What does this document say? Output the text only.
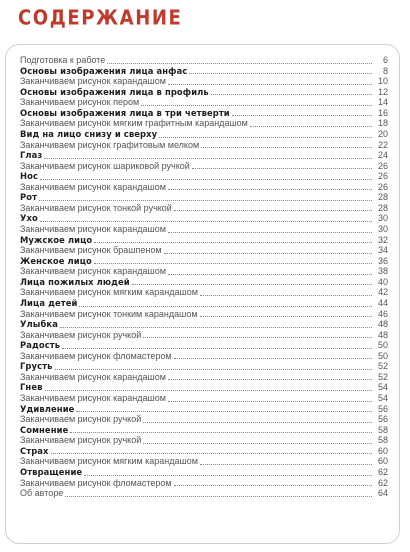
СОДЕРЖАНИЕ
Подготовка к работе	6
Основы изображения лица анфас	8
Заканчиваем рисунок карандашом	10
Основы изображения лица в профиль	12
Заканчиваем рисунок пером	14
Основы изображения лица в три четверти	16
Заканчиваем рисунок мягким графитным карандашом	18
Вид на лицо снизу и сверху	20
Заканчиваем рисунок графитовым мелком	22
Глаз	24
Заканчиваем рисунок шариковой ручкой	26
Нос	26
Заканчиваем рисунок карандашом	26
Рот	28
Заканчиваем рисунок тонкой ручкой	28
Ухо	30
Заканчиваем рисунок карандашом	30
Мужское лицо	32
Заканчиваем рисунок брашпеном	34
Женское лицо	36
Заканчиваем рисунок карандашом	38
Лица пожилых людей	40
Заканчиваем рисунок мягким карандашом	42
Лица детей	44
Заканчиваем рисунок тонким карандашом	46
Улыбка	48
Заканчиваем рисунок ручкой	48
Радость	50
Заканчиваем рисунок фломастером	50
Грусть	52
Заканчиваем рисунок карандашом	52
Гнев	54
Заканчиваем рисунок карандашом	54
Удивление	56
Заканчиваем рисунок ручкой	56
Сомнение	58
Заканчиваем рисунок ручкой	58
Страх	60
Заканчиваем рисунок мягким карандашом	60
Отвращение	62
Заканчиваем рисунок фломастером	62
Об авторе	64
